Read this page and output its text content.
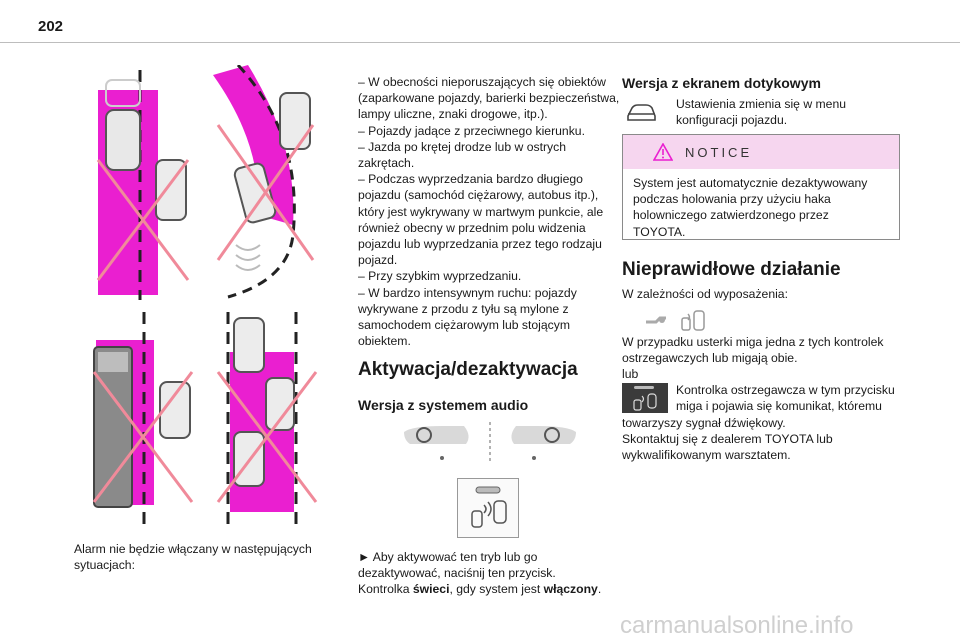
202
Alarm nie będzie włączany w następujących sytuacjach:

– W obecności nieporuszających się obiektów

(zaparkowane pojazdy, barierki bezpieczeństwa,

lampy uliczne, znaki drogowe, itp.).

– Pojazdy jadące z przeciwnego kierunku.

– Jazda po krętej drodze lub w ostrych

zakrętach.

– Podczas wyprzedzania bardzo długiego

pojazdu (samochód ciężarowy, autobus itp.),

który jest wykrywany w martwym punkcie, ale

również obecny w przednim polu widzenia

pojazdu lub wyprzedzania przez tego rodzaju

pojazd.

– Przy szybkim wyprzedzaniu.

– W bardzo intensywnym ruchu: pojazdy

wykrywane z przodu z tyłu są mylone z

samochodem ciężarowym lub stojącym

obiektem.

Aktywacja/dezaktywacja
Wersja z systemem audio

► Aby aktywować ten tryb lub go

dezaktywować, naciśnij ten przycisk.

Kontrolka świeci, gdy system jest włączony.

Wersja z ekranem dotykowym

Ustawienia zmienia się w menu

konfiguracji pojazdu.

NOTICE

System jest automatycznie dezaktywowany

podczas holowania przy użyciu haka

holowniczego zatwierdzonego przez

TOYOTA.

Nieprawidłowe działanie
W zależności od wyposażenia:

W przypadku usterki miga jedna z tych kontrolek

ostrzegawczych lub migają obie.

lub

Kontrolka ostrzegawcza w tym przycisku

miga i pojawia się komunikat, któremu

towarzyszy sygnał dźwiękowy.

Skontaktuj się z dealerem TOYOTA lub

wykwalifikowanym warsztatem.

carmanualsonline.info
